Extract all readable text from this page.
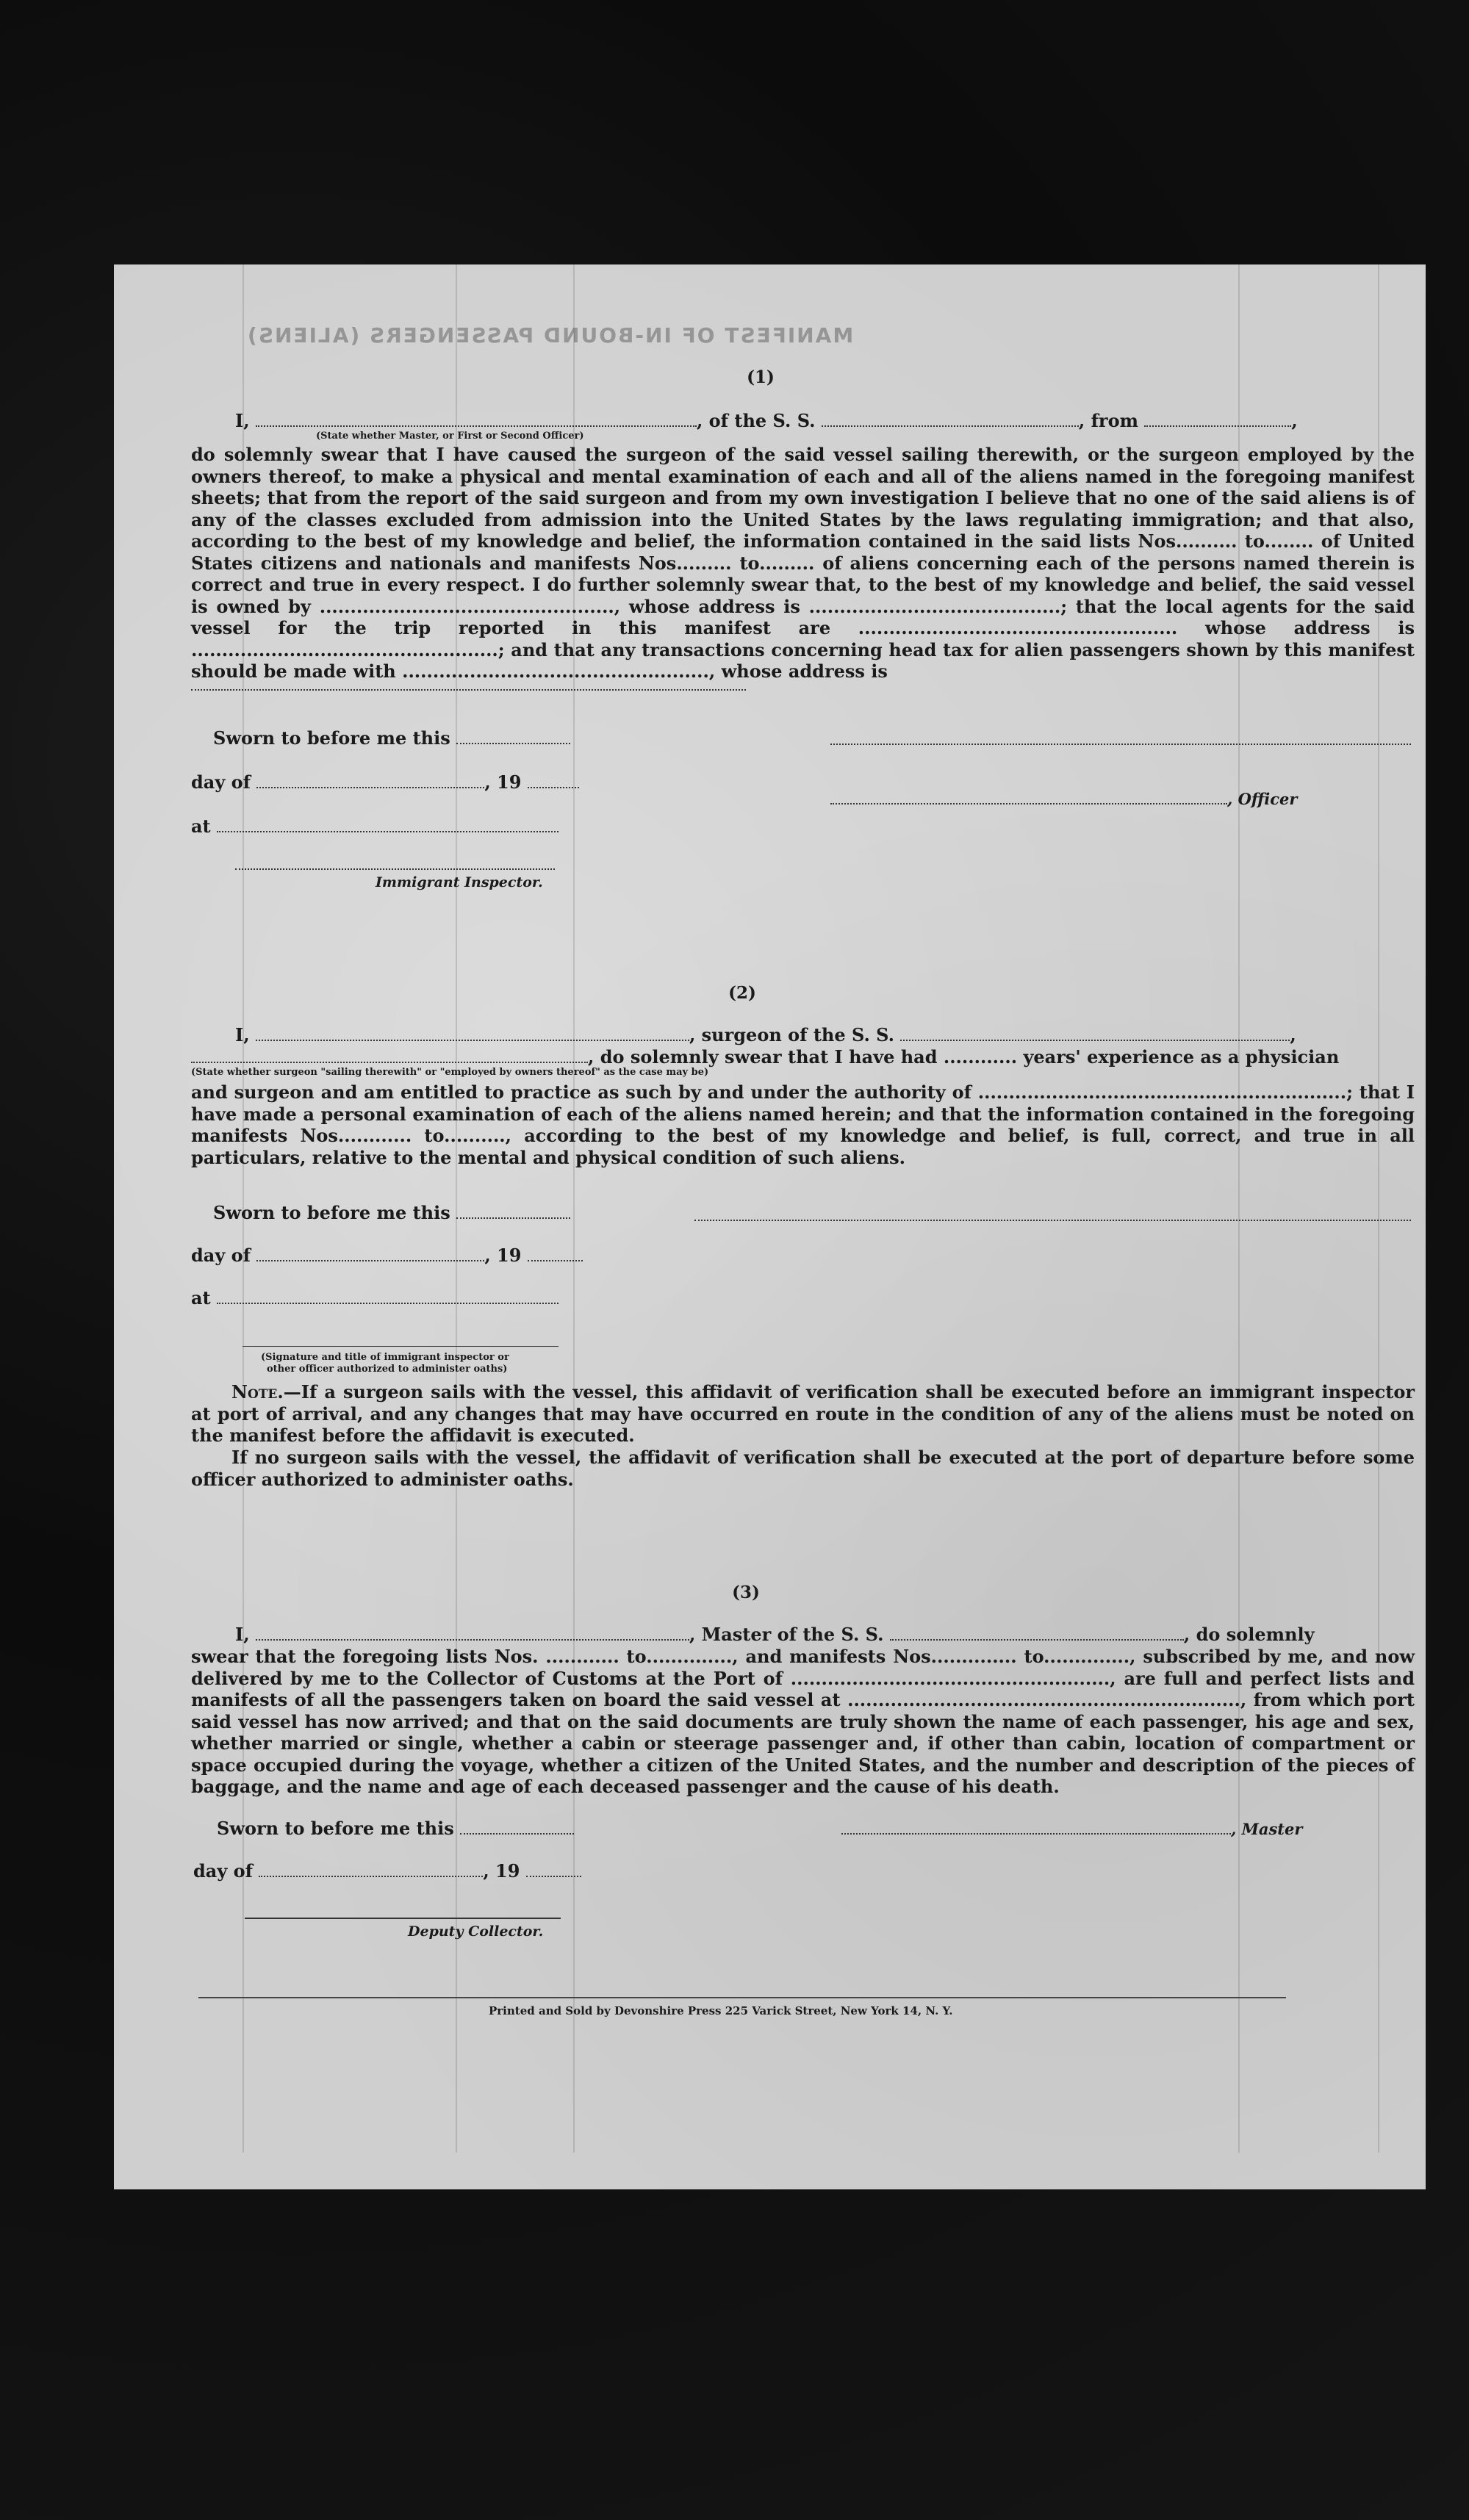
MANIFEST OF IN-BOUND PASSENGERS (ALIENS)
(1)
I,	, of the S. S.	, from	,
(State whether Master, or First or Second Officer)
do solemnly swear that I have caused the surgeon of the said vessel sailing therewith, or the surgeon employed by the owners thereof, to make a physical and mental examination of each and all of the aliens named in the foregoing manifest sheets; that from the report of the said surgeon and from my own investigation I believe that no one of the said aliens is of any of the classes excluded from admission into the United States by the laws regulating immigration; and that also, according to the best of my knowledge and belief, the information contained in the said lists Nos.......... to........ of United States citizens and nationals and manifests Nos......... to......... of aliens concerning each of the persons named therein is correct and true in every respect. I do further solemnly swear that, to the best of my knowledge and belief, the said vessel is owned by ................................................, whose address is .........................................; that the local agents for the said vessel for the trip reported in this manifest are .................................................... whose address is ..................................................; and that any transactions concerning head tax for alien passengers shown by this manifest should be made with .................................................., whose address is
Sworn to before me this
day of	, 19
, Officer
at
Immigrant Inspector.
(2)
I,	, surgeon of the S. S.	,
, do solemnly swear that I have had ............ years' experience as a physician
(State whether surgeon "sailing therewith" or "employed by owners thereof" as the case may be)
and surgeon and am entitled to practice as such by and under the authority of ............................................................; that I have made a personal examination of each of the aliens named herein; and that the information contained in the foregoing manifests Nos............ to.........., according to the best of my knowledge and belief, is full, correct, and true in all particulars, relative to the mental and physical condition of such aliens.
Sworn to before me this
day of	, 19
at
(Signature and title of immigrant inspector or
other officer authorized to administer oaths)
Note.—If a surgeon sails with the vessel, this affidavit of verification shall be executed before an immigrant inspector at port of arrival, and any changes that may have occurred en route in the condition of any of the aliens must be noted on the manifest before the affidavit is executed.
If no surgeon sails with the vessel, the affidavit of verification shall be executed at the port of departure before some officer authorized to administer oaths.
(3)
I,	, Master of the S. S.	, do solemnly
swear that the foregoing lists Nos. ............ to.............., and manifests Nos.............. to.............., subscribed by me, and now delivered by me to the Collector of Customs at the Port of ...................................................., are full and perfect lists and manifests of all the passengers taken on board the said vessel at ................................................................, from which port said vessel has now arrived; and that on the said documents are truly shown the name of each passenger, his age and sex, whether married or single, whether a cabin or steerage passenger and, if other than cabin, location of compartment or space occupied during the voyage, whether a citizen of the United States, and the number and description of the pieces of baggage, and the name and age of each deceased passenger and the cause of his death.
Sworn to before me this	, Master
day of	, 19
Deputy Collector.
Printed and Sold by Devonshire Press 225 Varick Street, New York 14, N. Y.
